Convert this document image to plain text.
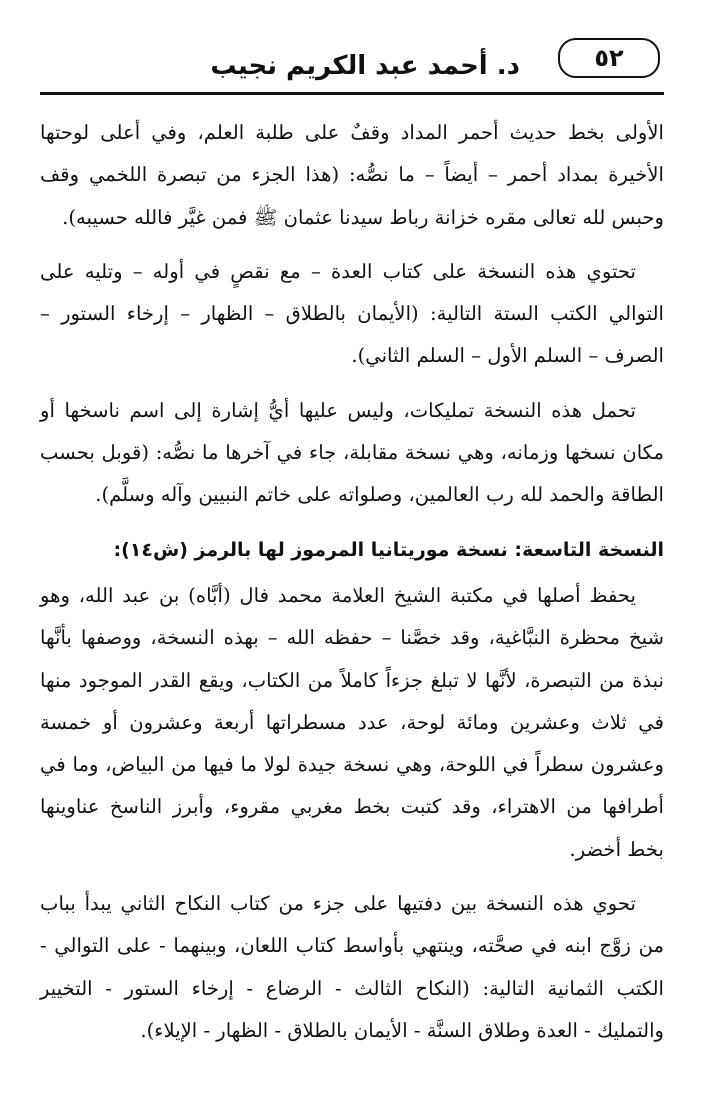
٥٢
د. أحمد عبد الكريم نجيب

الأولى بخط حديث أحمر المداد وقفٌ على طلبة العلم، وفي أعلى لوحتها الأخيرة بمداد أحمر – أيضاً – ما نصُّه: (هذا الجزء من تبصرة اللخمي وقف وحبس لله تعالى مقره خزانة رباط سيدنا عثمان ﷺ فمن غيَّر فالله حسيبه).

تحتوي هذه النسخة على كتاب العدة – مع نقصٍ في أوله – وتليه على التوالي الكتب الستة التالية: (الأيمان بالطلاق – الظهار – إرخاء الستور – الصرف – السلم الأول – السلم الثاني).

تحمل هذه النسخة تمليكات، وليس عليها أيُّ إشارة إلى اسم ناسخها أو مكان نسخها وزمانه، وهي نسخة مقابلة، جاء في آخرها ما نصُّه: (قوبل بحسب الطاقة والحمد لله رب العالمين، وصلواته على خاتم النبيين وآله وسلَّم).

النسخة التاسعة: نسخة موريتانيا المرموز لها بالرمز (ش١٤):

يحفظ أصلها في مكتبة الشيخ العلامة محمد فال (أبَّاه) بن عبد الله، وهو شيخ محظرة النبَّاغية، وقد خصَّنا – حفظه الله – بهذه النسخة، ووصفها بأنَّها نبذة من التبصرة، لأنَّها لا تبلغ جزءاً كاملاً من الكتاب، ويقع القدر الموجود منها في ثلاث وعشرين ومائة لوحة، عدد مسطراتها أربعة وعشرون أو خمسة وعشرون سطراً في اللوحة، وهي نسخة جيدة لولا ما فيها من البياض، وما في أطرافها من الاهتراء، وقد كتبت بخط مغربي مقروء، وأبرز الناسخ عناوينها بخط أخضر.

تحوي هذه النسخة بين دفتيها على جزء من كتاب النكاح الثاني يبدأ بباب من زوَّج ابنه في صحَّته، وينتهي بأواسط كتاب اللعان، وبينهما - على التوالي - الكتب الثمانية التالية: (النكاح الثالث - الرضاع - إرخاء الستور - التخيير والتمليك - العدة وطلاق السنَّة - الأيمان بالطلاق - الظهار - الإيلاء).
